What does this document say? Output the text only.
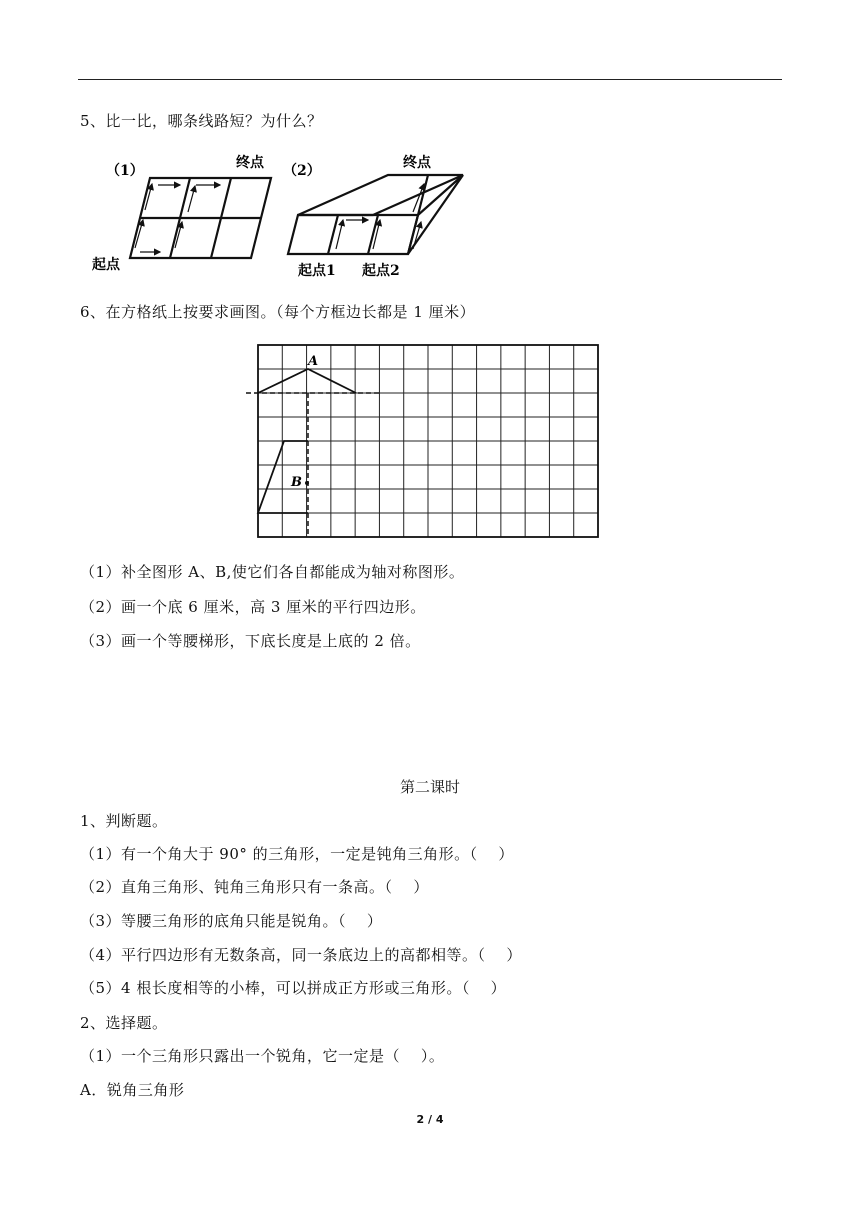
5、比一比，哪条线路短？为什么？
（1）	终点
起点
（2）	终点
起点1 起点2
6、在方格纸上按要求画图。（每个方框边长都是 1 厘米）
A
B
（1）补全图形 A、B,使它们各自都能成为轴对称图形。
（2）画一个底 6 厘米，高 3 厘米的平行四边形。
（3）画一个等腰梯形，下底长度是上底的 2 倍。
第二课时
1、判断题。
（1）有一个角大于 90° 的三角形，一定是钝角三角形。（　 ）
（2）直角三角形、钝角三角形只有一条高。（　 ）
（3）等腰三角形的底角只能是锐角。（　 ）
（4）平行四边形有无数条高，同一条底边上的高都相等。（　 ）
（5）4 根长度相等的小棒，可以拼成正方形或三角形。（　 ）
2、选择题。
（1）一个三角形只露出一个锐角，它一定是（　 ）。
A．锐角三角形
2 / 4
